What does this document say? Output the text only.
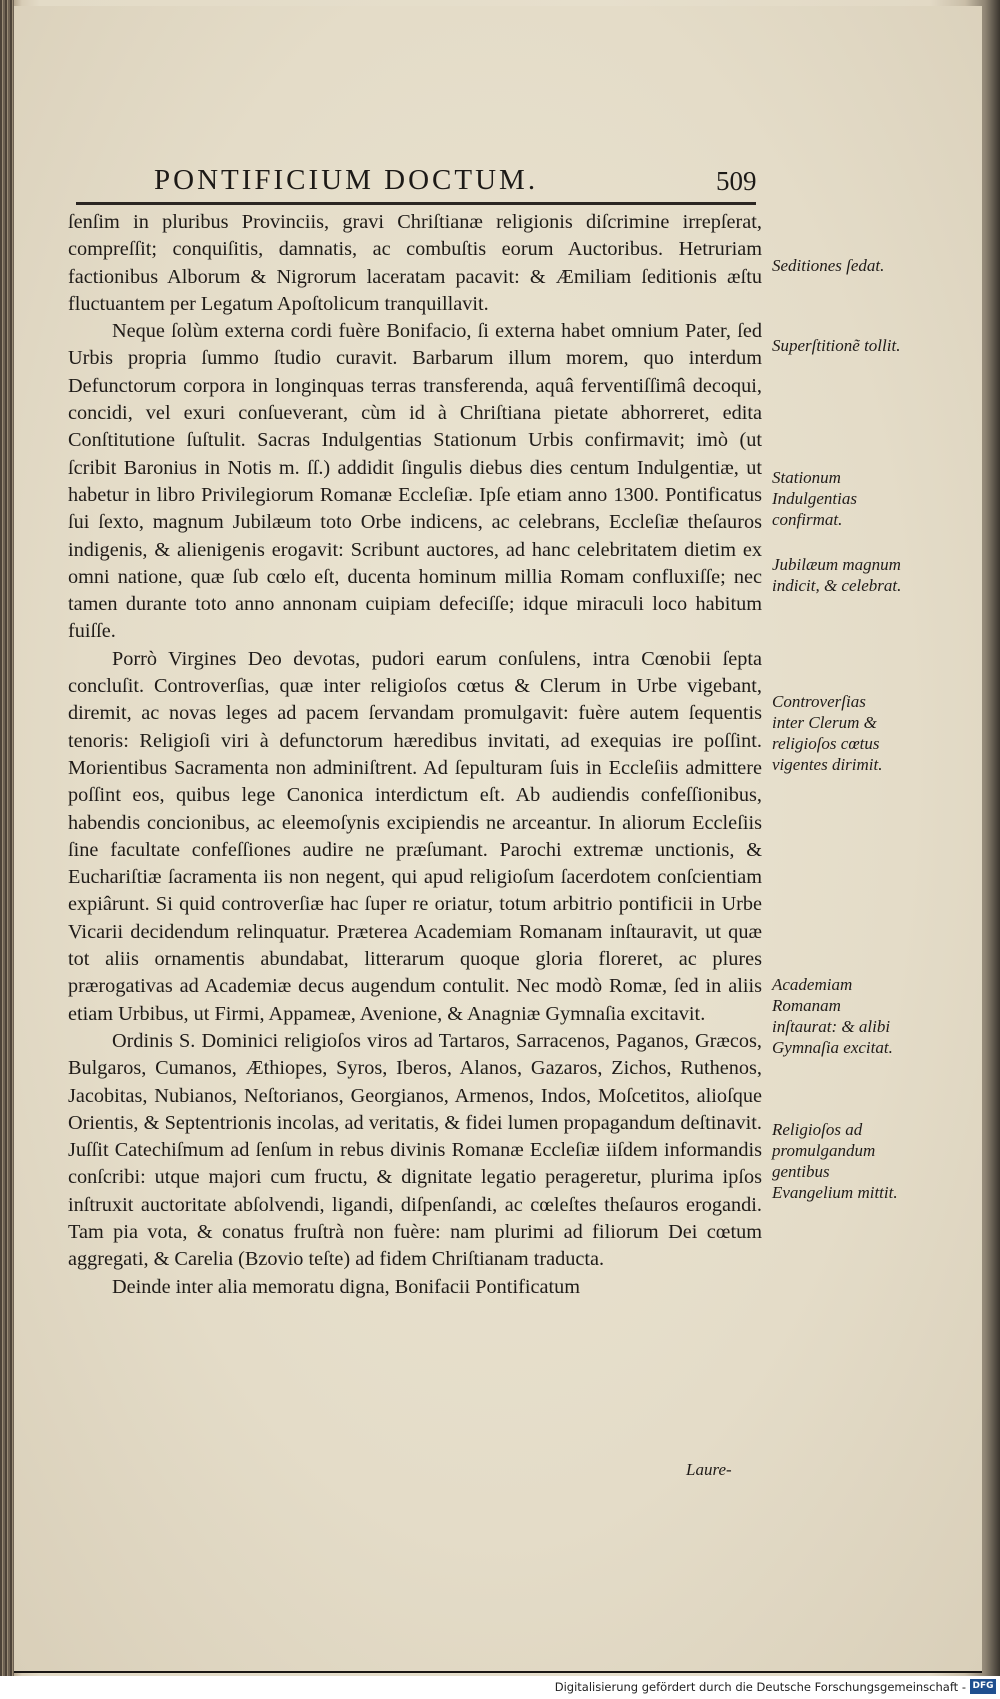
PONTIFICIUM DOCTUM.	509

ſenſim in pluribus Provinciis, gravi Chriſtianæ religionis diſcrimine irrepſerat, compreſſit; conquiſitis, damnatis, ac combuſtis eorum Auctoribus. Hetruriam factionibus Alborum & Nigrorum laceratam pacavit: & Æmiliam ſeditionis æſtu fluctuantem per Legatum Apoſtolicum tranquillavit.

Neque ſolùm externa cordi fuère Bonifacio, ſi externa habet omnium Pater, ſed Urbis propria ſummo ſtudio curavit. Barbarum illum morem, quo interdum Defunctorum corpora in longinquas terras transferenda, aquâ ferventiſſimâ decoqui, concidi, vel exuri conſueverant, cùm id à Chriſtiana pietate abhorreret, edita Conſtitutione ſuſtulit. Sacras Indulgentias Stationum Urbis confirmavit; imò (ut ſcribit Baronius in Notis m. ſſ.) addidit ſingulis diebus dies centum Indulgentiæ, ut habetur in libro Privilegiorum Romanæ Eccleſiæ. Ipſe etiam anno 1300. Pontificatus ſui ſexto, magnum Jubilæum toto Orbe indicens, ac celebrans, Eccleſiæ theſauros indigenis, & alienigenis erogavit: Scribunt auctores, ad hanc celebritatem dietim ex omni natione, quæ ſub cœlo eſt, ducenta hominum millia Romam confluxiſſe; nec tamen durante toto anno annonam cuipiam defeciſſe; idque miraculi loco habitum fuiſſe.

Porrò Virgines Deo devotas, pudori earum conſulens, intra Cœnobii ſepta concluſit. Controverſias, quæ inter religioſos cœtus & Clerum in Urbe vigebant, diremit, ac novas leges ad pacem ſervandam promulgavit: fuère autem ſequentis tenoris: Religioſi viri à defunctorum hæredibus invitati, ad exequias ire poſſint. Morientibus Sacramenta non adminiſtrent. Ad ſepulturam ſuis in Eccleſiis admittere poſſint eos, quibus lege Canonica interdictum eſt. Ab audiendis confeſſionibus, habendis concionibus, ac eleemoſynis excipiendis ne arceantur. In aliorum Eccleſiis ſine facultate confeſſiones audire ne præſumant. Parochi extremæ unctionis, & Euchariſtiæ ſacramenta iis non negent, qui apud religioſum ſacerdotem conſcientiam expiârunt. Si quid controverſiæ hac ſuper re oriatur, totum arbitrio pontificii in Urbe Vicarii decidendum relinquatur. Præterea Academiam Romanam inſtauravit, ut quæ tot aliis ornamentis abundabat, litterarum quoque gloria floreret, ac plures prærogativas ad Academiæ decus augendum contulit. Nec modò Romæ, ſed in aliis etiam Urbibus, ut Firmi, Appameæ, Avenione, & Anagniæ Gymnaſia excitavit.

Ordinis S. Dominici religioſos viros ad Tartaros, Sarracenos, Paganos, Græcos, Bulgaros, Cumanos, Æthiopes, Syros, Iberos, Alanos, Gazaros, Zichos, Ruthenos, Jacobitas, Nubianos, Neſtorianos, Georgianos, Armenos, Indos, Moſcetitos, alioſque Orientis, & Septentrionis incolas, ad veritatis, & fidei lumen propagandum deſtinavit. Juſſit Catechiſmum ad ſenſum in rebus divinis Romanæ Eccleſiæ iiſdem informandis conſcribi: utque majori cum fructu, & dignitate legatio perageretur, plurima ipſos inſtruxit auctoritate abſolvendi, ligandi, diſpenſandi, ac cœleſtes theſauros erogandi. Tam pia vota, & conatus fruſtrà non fuère: nam plurimi ad filiorum Dei cœtum aggregati, & Carelia (Bzovio teſte) ad fidem Chriſtianam traducta.

Deinde inter alia memoratu digna, Bonifacii Pontificatum

Seditiones ſedat.
Superſtitionẽ tollit.
Stationum Indulgentias confirmat.
Jubilæum magnum indicit, & celebrat.
Controverſias inter Clerum & religioſos cœtus vigentes dirimit.
Academiam Romanam inſtaurat: & alibi Gymnaſia excitat.
Religioſos ad promulgandum gentibus Evangelium mittit.
Laure-
Digitalisierung gefördert durch die Deutsche Forschungsgemeinschaft - DFG
